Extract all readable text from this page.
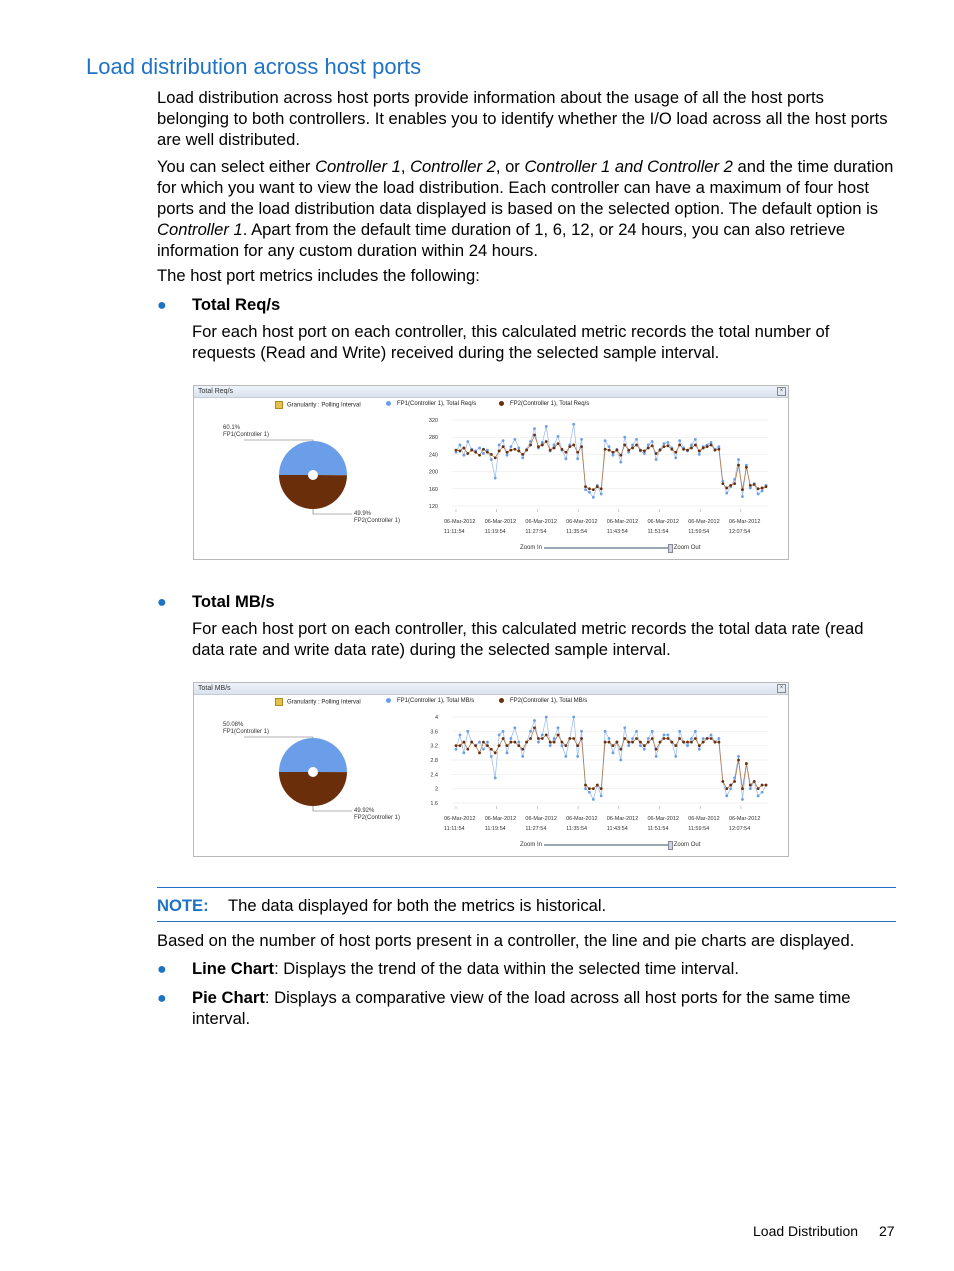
Load distribution across host ports

Load distribution across host ports provide information about the usage of all the host ports belonging to both controllers. It enables you to identify whether the I/O load across all the host ports are well distributed.

You can select either Controller 1, Controller 2, or Controller 1 and Controller 2 and the time duration for which you want to view the load distribution. Each controller can have a maximum of four host ports and the load distribution data displayed is based on the selected option. The default option is Controller 1. Apart from the default time duration of 1, 6, 12, or 24 hours, you can also retrieve information for any custom duration within 24 hours.

The host port metrics includes the following:

● Total Req/s

For each host port on each controller, this calculated metric records the total number of requests (Read and Write) received during the selected sample interval.

Total Req/s	×
Granularity : Polling Interval	FP1(Controller 1), Total Req/s	FP2(Controller 1), Total Req/s
60.1%
FP1(Controller 1)
49.9%
FP2(Controller 1)
320
280
240
200
160
120
06-Mar-2012
11:11:54
06-Mar-2012
11:19:54
06-Mar-2012
11:27:54
06-Mar-2012
11:35:54
06-Mar-2012
11:43:54
06-Mar-2012
11:51:54
06-Mar-2012
11:59:54
06-Mar-2012
12:07:54
Zoom In	Zoom Out
● Total MB/s

For each host port on each controller, this calculated metric records the total data rate (read data rate and write data rate) during the selected sample interval.

Total MB/s	×
Granularity : Polling Interval	FP1(Controller 1), Total MB/s	FP2(Controller 1), Total MB/s
50.08%
FP1(Controller 1)
49.92%
FP2(Controller 1)
4
3.6
3.2
2.8
2.4
2
1.6
06-Mar-2012
11:11:54
06-Mar-2012
11:19:54
06-Mar-2012
11:27:54
06-Mar-2012
11:35:54
06-Mar-2012
11:43:54
06-Mar-2012
11:51:54
06-Mar-2012
11:59:54
06-Mar-2012
12:07:54
Zoom In	Zoom Out
NOTE: The data displayed for both the metrics is historical.

Based on the number of host ports present in a controller, the line and pie charts are displayed.

● Line Chart: Displays the trend of the data within the selected time interval.

● Pie Chart: Displays a comparative view of the load across all host ports for the same time interval.

Load Distribution 27
